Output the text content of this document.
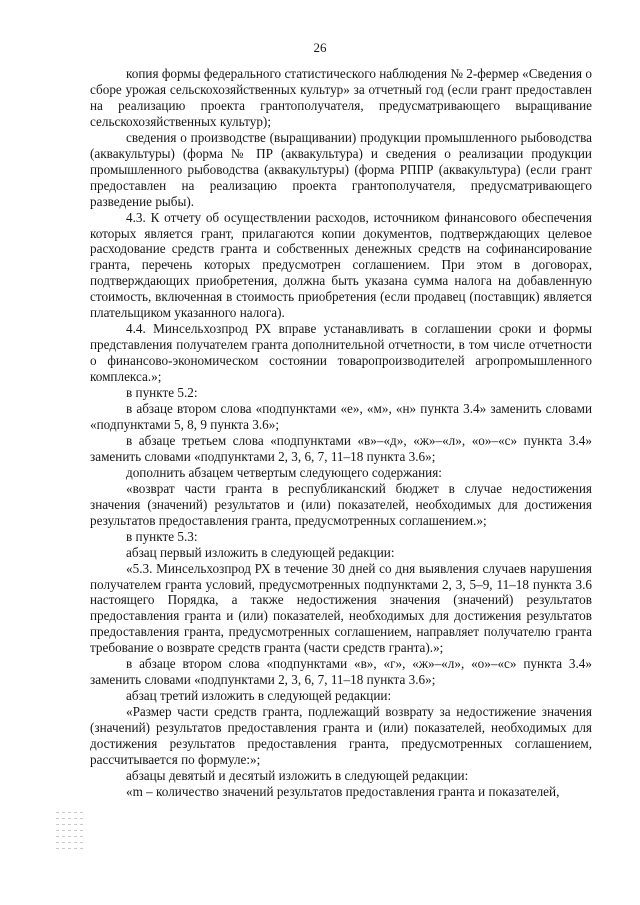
26

копия формы федерального статистического наблюдения № 2-фермер «Сведения о сборе урожая сельскохозяйственных культур» за отчетный год (если грант предоставлен на реализацию проекта грантополучателя, предусматривающего выращивание сельскохозяйственных культур);

сведения о производстве (выращивании) продукции промышленного рыбоводства (аквакультуры) (форма № ПР (аквакультура) и сведения о реализации продукции промышленного рыбоводства (аквакультуры) (форма РППР (аквакультура) (если грант предоставлен на реализацию проекта грантополучателя, предусматривающего разведение рыбы).

4.3. К отчету об осуществлении расходов, источником финансового обеспечения которых является грант, прилагаются копии документов, подтверждающих целевое расходование средств гранта и собственных денежных средств на софинансирование гранта, перечень которых предусмотрен соглашением. При этом в договорах, подтверждающих приобретения, должна быть указана сумма налога на добавленную стоимость, включенная в стоимость приобретения (если продавец (поставщик) является плательщиком указанного налога).

4.4. Минсельхозпрод РХ вправе устанавливать в соглашении сроки и формы представления получателем гранта дополнительной отчетности, в том числе отчетности о финансово-экономическом состоянии товаропроизводителей агропромышленного комплекса.»;

в пункте 5.2:

в абзаце втором слова «подпунктами «е», «м», «н» пункта 3.4» заменить словами «подпунктами 5, 8, 9 пункта 3.6»;

в абзаце третьем слова «подпунктами «в»–«д», «ж»–«л», «о»–«с» пункта 3.4» заменить словами «подпунктами 2, 3, 6, 7, 11–18 пункта 3.6»;

дополнить абзацем четвертым следующего содержания:

«возврат части гранта в республиканский бюджет в случае недостижения значения (значений) результатов и (или) показателей, необходимых для достижения результатов предоставления гранта, предусмотренных соглашением.»;

в пункте 5.3:

абзац первый изложить в следующей редакции:

«5.3. Минсельхозпрод РХ в течение 30 дней со дня выявления случаев нарушения получателем гранта условий, предусмотренных подпунктами 2, 3, 5–9, 11–18 пункта 3.6 настоящего Порядка, а также недостижения значения (значений) результатов предоставления гранта и (или) показателей, необходимых для достижения результатов предоставления гранта, предусмотренных соглашением, направляет получателю гранта требование о возврате средств гранта (части средств гранта).»;

в абзаце втором слова «подпунктами «в», «г», «ж»–«л», «о»–«с» пункта 3.4» заменить словами «подпунктами 2, 3, 6, 7, 11–18 пункта 3.6»;

абзац третий изложить в следующей редакции:

«Размер части средств гранта, подлежащий возврату за недостижение значения (значений) результатов предоставления гранта и (или) показателей, необходимых для достижения результатов предоставления гранта, предусмотренных соглашением, рассчитывается по формуле:»;

абзацы девятый и десятый изложить в следующей редакции:

«m – количество значений результатов предоставления гранта и показателей,
